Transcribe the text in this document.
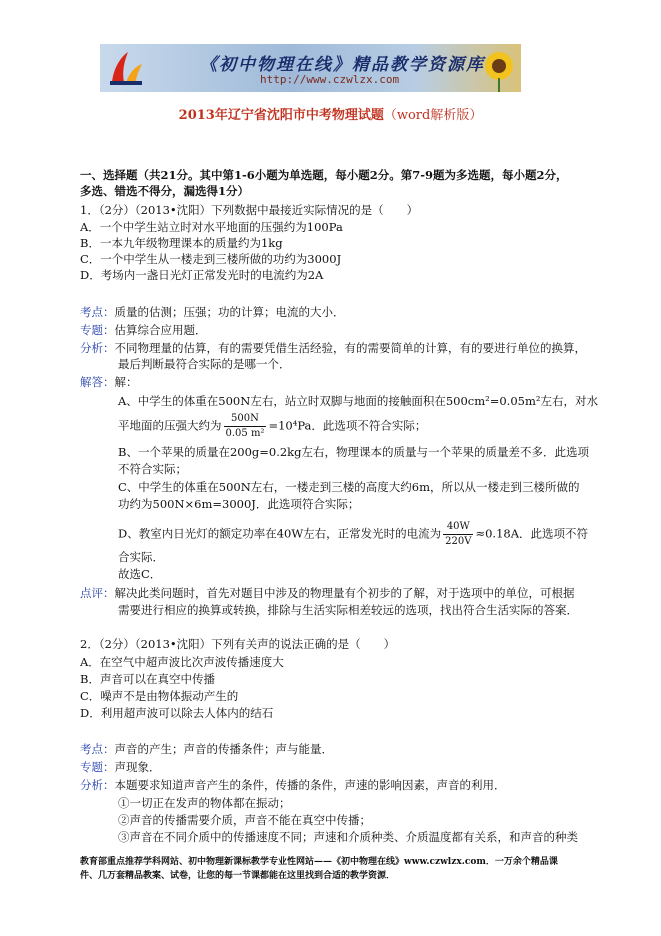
《初中物理在线》精品教学资源库
http://www.czwlzx.com
2013年辽宁省沈阳市中考物理试题（word解析版）
一、选择题（共21分。其中第1-6小题为单选题，每小题2分。第7-9题为多选题，每小题2分，
多选、错选不得分，漏选得1分）
1．（2分）（2013•沈阳）下列数据中最接近实际情况的是（　　）
A．一个中学生站立时对水平地面的压强约为100Pa
B．一本九年级物理课本的质量约为1kg
C．一个中学生从一楼走到三楼所做的功约为3000J
D．考场内一盏日光灯正常发光时的电流约为2A
考点：质量的估测；压强；功的计算；电流的大小．
专题：估算综合应用题．
分析：不同物理量的估算，有的需要凭借生活经验，有的需要简单的计算，有的要进行单位的换算，
最后判断最符合实际的是哪一个．
解答：解：
A、中学生的体重在500N左右，站立时双脚与地面的接触面积在500cm²=0.05m²左右，对水
平地面的压强大约为 $\frac{500N}{\text{0.05 m²}} =10^4Pa$．此选项不符合实际；
B、一个苹果的质量在200g=0.2kg左右，物理课本的质量与一个苹果的质量差不多．此选项
不符合实际；
C、中学生的体重在500N左右，一楼走到三楼的高度大约6m，所以从一楼走到三楼所做的
功约为500N×6m=3000J．此选项符合实际；
D、教室内日光灯的额定功率在40W左右，正常发光时的电流为 $\frac{40W}{220V} \approx 0.18A$．此选项不符
合实际．
故选C．
点评：解决此类问题时，首先对题目中涉及的物理量有个初步的了解，对于选项中的单位，可根据
需要进行相应的换算或转换，排除与生活实际相差较远的选项，找出符合生活实际的答案．
2．（2分）（2013•沈阳）下列有关声的说法正确的是（　　）
A．在空气中超声波比次声波传播速度大
B．声音可以在真空中传播
C．噪声不是由物体振动产生的
D．利用超声波可以除去人体内的结石
考点：声音的产生；声音的传播条件；声与能量．
专题：声现象．
分析：本题要求知道声音产生的条件，传播的条件，声速的影响因素，声音的利用．
①一切正在发声的物体都在振动；
②声音的传播需要介质，声音不能在真空中传播；
③声音在不同介质中的传播速度不同；声速和介质种类、介质温度都有关系，和声音的种类
教育部重点推荐学科网站、初中物理新课标教学专业性网站——《初中物理在线》www.czwlzx.com．一万余个精品课
件、几万套精品教案、试卷，让您的每一节课都能在这里找到合适的教学资源．
